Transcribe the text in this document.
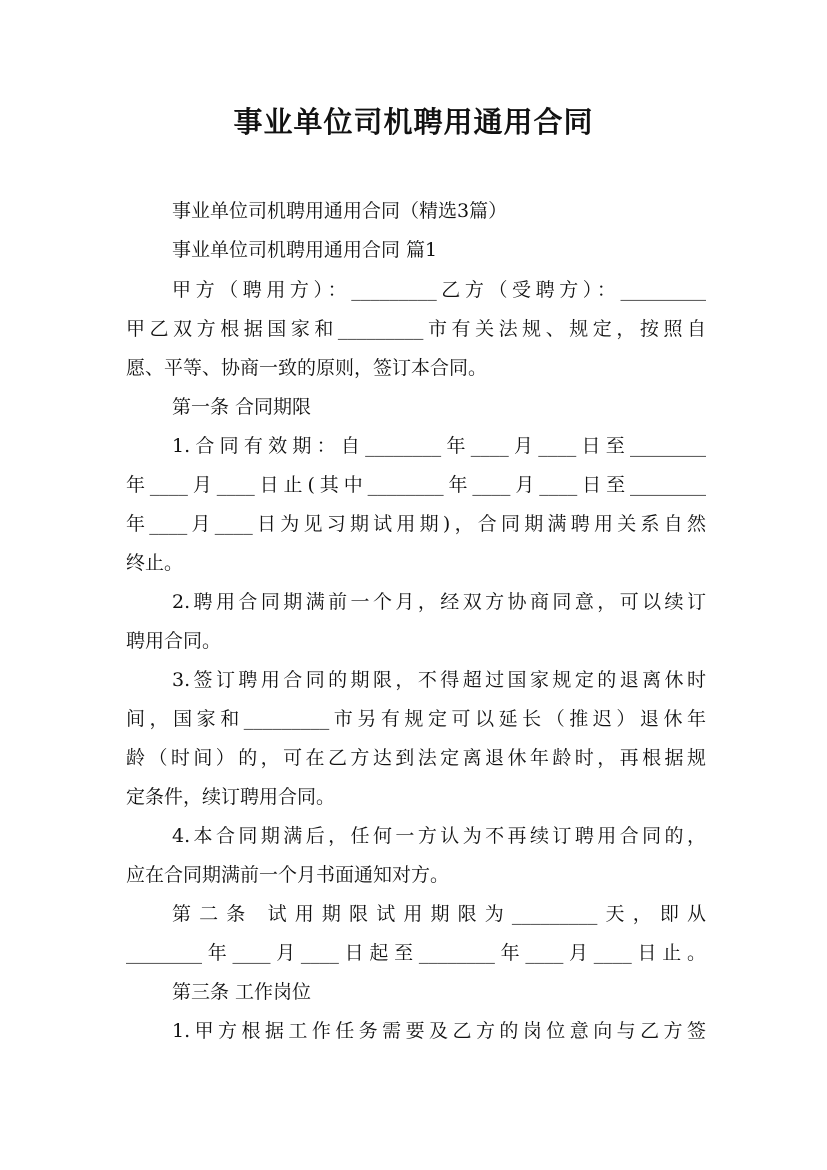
事业单位司机聘用通用合同
事业单位司机聘用通用合同（精选3篇）
事业单位司机聘用通用合同 篇1
甲方（聘用方）：_________乙方（受聘方）：_________
甲乙双方根据国家和_________市有关法规、规定，按照自
愿、平等、协商一致的原则，签订本合同。
第一条 合同期限
1.合同有效期：自________年____月____日至________
年____月____日止(其中________年____月____日至________
年____月____日为见习期试用期)，合同期满聘用关系自然
终止。
2.聘用合同期满前一个月，经双方协商同意，可以续订
聘用合同。
3.签订聘用合同的期限，不得超过国家规定的退离休时
间，国家和_________市另有规定可以延长（推迟）退休年
龄（时间）的，可在乙方达到法定离退休年龄时，再根据规
定条件，续订聘用合同。
4.本合同期满后，任何一方认为不再续订聘用合同的，
应在合同期满前一个月书面通知对方。
第二条 试用期限试用期限为_________天，即从
________年____月____日起至________年____月____日止。
第三条 工作岗位
1.甲方根据工作任务需要及乙方的岗位意向与乙方签
